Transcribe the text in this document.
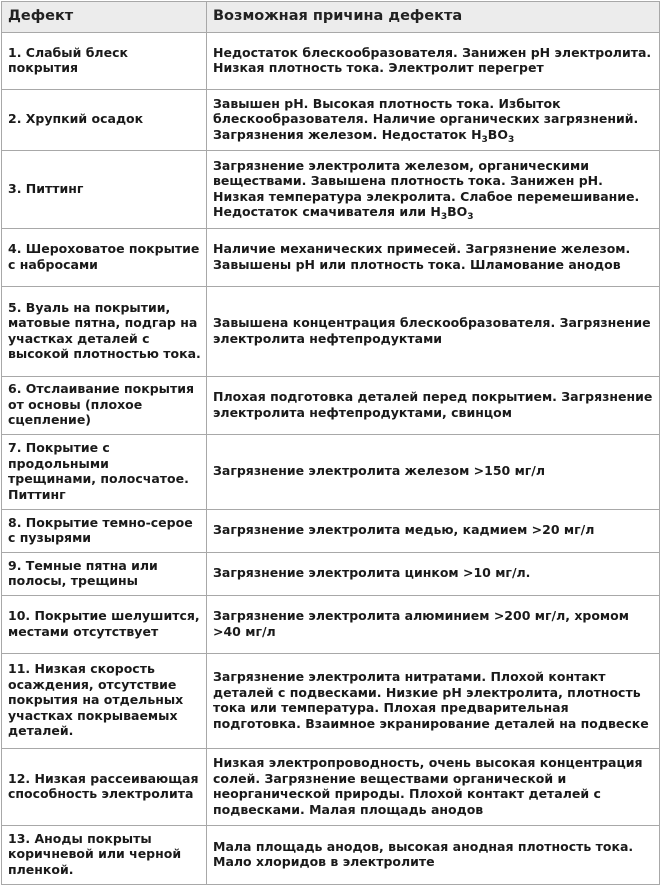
Дефект	Возможная причина дефекта
1. Слабый блеск покрытия	Недостаток блескообразователя. Занижен pH электролита.
Низкая плотность тока. Электролит перегрет
2. Хрупкий осадок	Завышен pH. Высокая плотность тока. Избыток блескообразователя. Наличие органических загрязнений. Загрязнения железом. Недостаток $H_3BO_3$
3. Питтинг	Загрязнение электролита железом, органическими веществами. Завышена плотность тока. Занижен pH. Низкая температура элекролита. Слабое перемешивание. Недостаток смачивателя или $H_3BO_3$
4. Шероховатое покрытие с набросами	Наличие механических примесей. Загрязнение железом. Завышены pH или плотность тока. Шламование анодов
5. Вуаль на покрытии, матовые пятна, подгар на участках деталей с высокой плотностью тока.	Завышена концентрация блескообразователя. Загрязнение электролита нефтепродуктами
6. Отслаивание покрытия от основы (плохое сцепление)	Плохая подготовка деталей перед покрытием. Загрязнение электролита нефтепродуктами, свинцом
7. Покрытие с продольными трещинами, полосчатое. Питтинг	Загрязнение электролита железом >150 мг/л
8. Покрытие темно-серое с пузырями	Загрязнение электролита медью, кадмием >20 мг/л
9. Темные пятна или полосы, трещины	Загрязнение электролита цинком >10 мг/л.
10. Покрытие шелушится, местами отсутствует	Загрязнение электролита алюминием >200 мг/л, хромом >40 мг/л
11. Низкая скорость осаждения, отсутствие покрытия на отдельных участках покрываемых деталей.	Загрязнение электролита нитратами. Плохой контакт деталей с подвесками. Низкие pH электролита, плотность тока или температура. Плохая предварительная подготовка. Взаимное экранирование деталей на подвеске
12. Низкая рассеивающая способность электролита	Низкая электропроводность, очень высокая концентрация солей. Загрязнение веществами органической и неорганической природы. Плохой контакт деталей с подвесками. Малая площадь анодов
13. Аноды покрыты коричневой или черной пленкой.	Мала площадь анодов, высокая анодная плотность тока. Мало хлоридов в электролите
